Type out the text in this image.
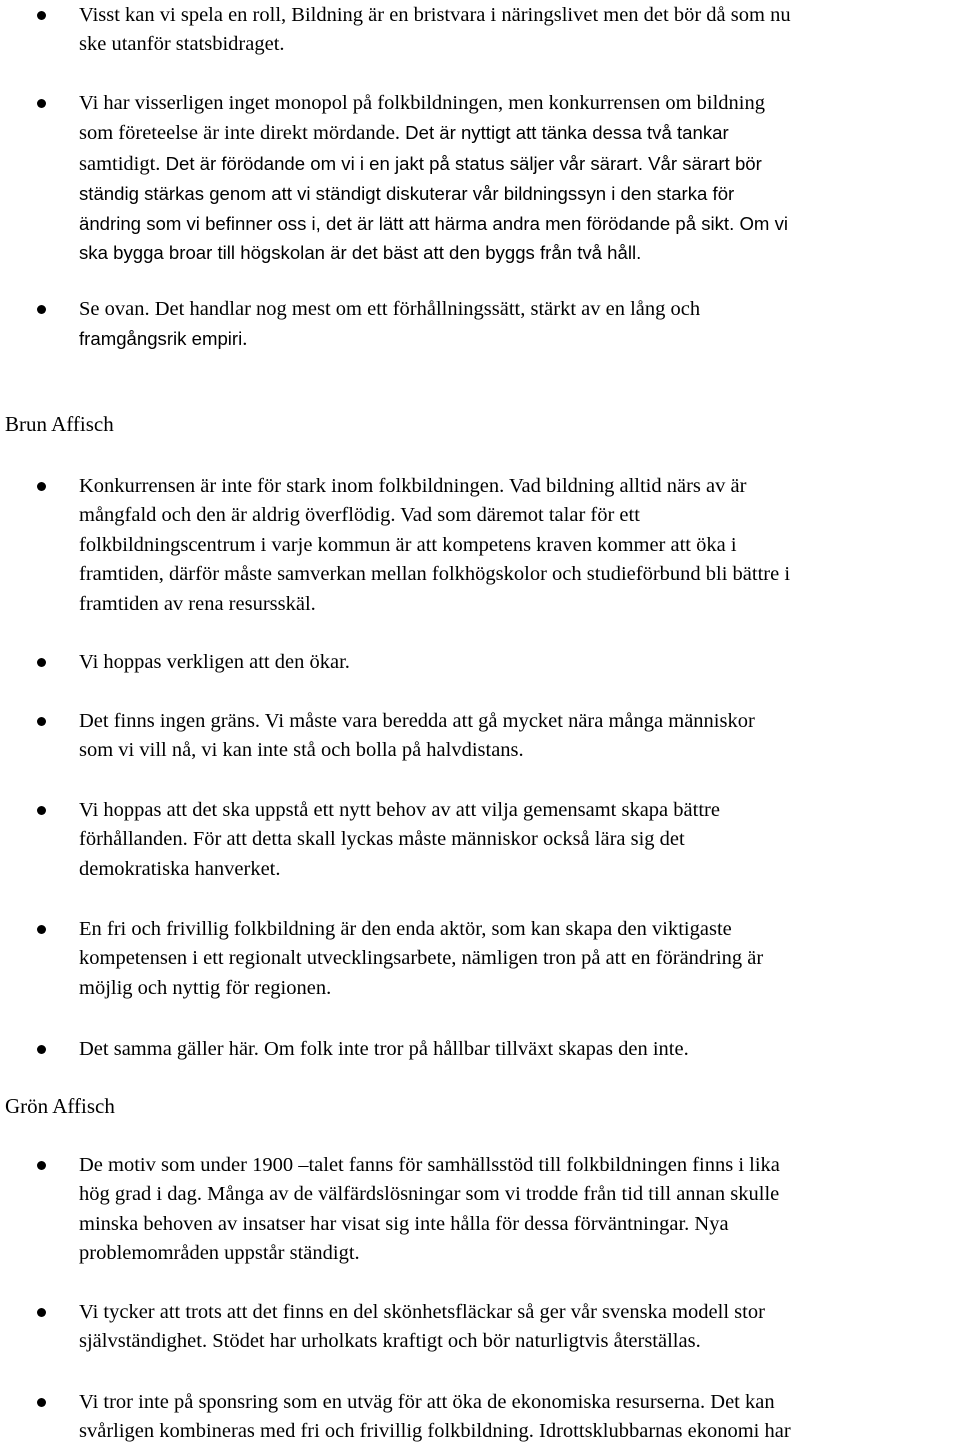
Visst kan vi spela en roll, Bildning är en bristvara i näringslivet men det bör då som nu
ske utanför statsbidraget.
Vi har visserligen inget monopol på folkbildningen, men konkurrensen om bildning
som företeelse är inte direkt mördande. Det är nyttigt att tänka dessa två tankar
samtidigt. Det är förödande om vi i en jakt på status säljer vår särart. Vår särart bör
ständig stärkas genom att vi ständigt diskuterar vår bildningssyn i den starka för
ändring som vi befinner oss i, det är lätt att härma andra men förödande på sikt. Om vi
ska bygga broar till högskolan är det bäst att den byggs från två håll.
Se ovan. Det handlar nog mest om ett förhållningssätt, stärkt av en lång och
framgångsrik empiri.
Brun Affisch
Konkurrensen är inte för stark inom folkbildningen. Vad bildning alltid närs av är
mångfald och den är aldrig överflödig. Vad som däremot talar för ett
folkbildningscentrum i varje kommun är att kompetens kraven kommer att öka i
framtiden, därför måste samverkan mellan folkhögskolor och studieförbund bli bättre i
framtiden av rena resursskäl.
Vi hoppas verkligen att den ökar.
Det finns ingen gräns. Vi måste vara beredda att gå mycket nära många människor
som vi vill nå, vi kan inte stå och bolla på halvdistans.
Vi hoppas att det ska uppstå ett nytt behov av att vilja gemensamt skapa bättre
förhållanden. För att detta skall lyckas måste människor också lära sig det
demokratiska hanverket.
En fri och frivillig folkbildning är den enda aktör, som kan skapa den viktigaste
kompetensen i ett regionalt utvecklingsarbete, nämligen tron på att en förändring är
möjlig och nyttig för regionen.
Det samma gäller här. Om folk inte tror på hållbar tillväxt skapas den inte.
Grön Affisch
De motiv som under 1900 –talet fanns för samhällsstöd till folkbildningen finns i lika
hög grad i dag. Många av de välfärdslösningar som vi trodde från tid till annan skulle
minska behoven av insatser har visat sig inte hålla för dessa förväntningar. Nya
problemområden uppstår ständigt.
Vi tycker att trots att det finns en del skönhetsfläckar så ger vår svenska modell stor
självständighet. Stödet har urholkats kraftigt och bör naturligtvis återställas.
Vi tror inte på sponsring som en utväg för att öka de ekonomiska resurserna. Det kan
svårligen kombineras med fri och frivillig folkbildning. Idrottsklubbarnas ekonomi har
